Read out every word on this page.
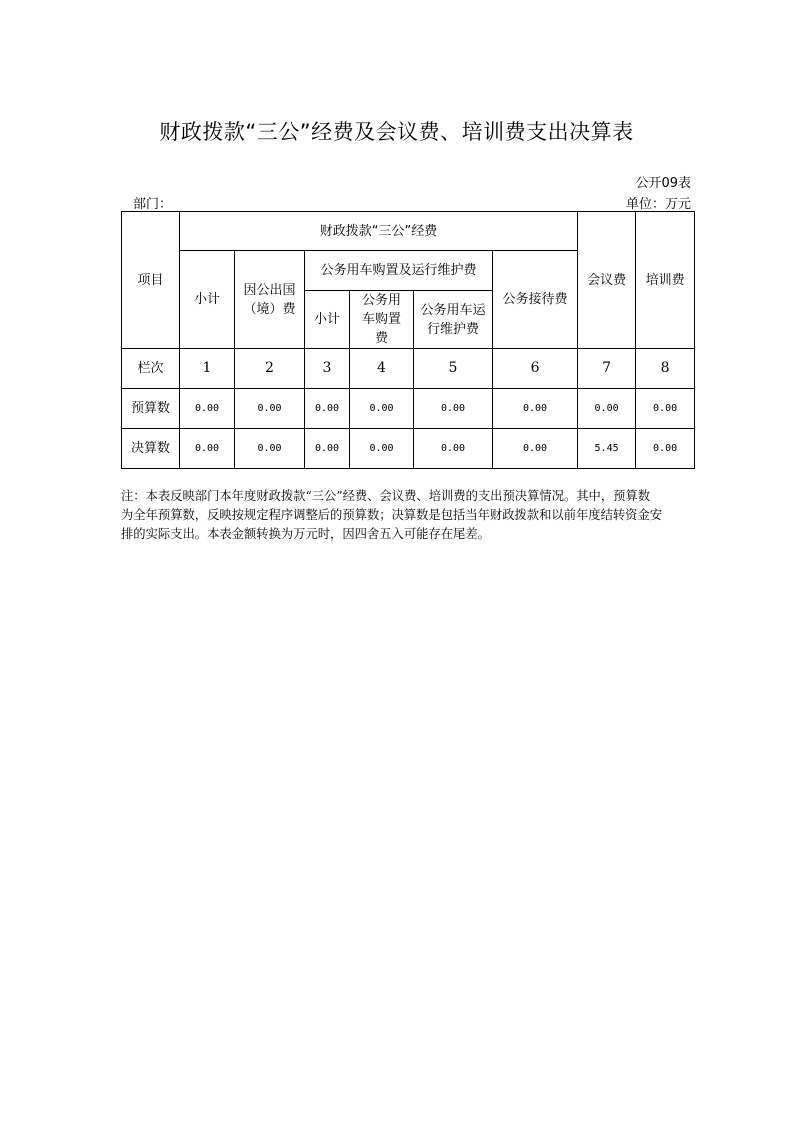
财政拨款“三公”经费及会议费、培训费支出决算表
公开09表
部门：	单位：万元
项目	财政拨款“三公”经费						会议费	培训费
	小计	因公出国（境）费	公务用车购置及运行维护费			公务接待费		
			小计	公务用车购置费	公务用车运行维护费			
栏次	1	2	3	4	5	6	7	8
预算数	0.00	0.00	0.00	0.00	0.00	0.00	0.00	0.00
决算数	0.00	0.00	0.00	0.00	0.00	0.00	5.45	0.00
注：本表反映部门本年度财政拨款“三公”经费、会议费、培训费的支出预决算情况。其中，预算数
为全年预算数，反映按规定程序调整后的预算数；决算数是包括当年财政拨款和以前年度结转资金安
排的实际支出。本表金额转换为万元时，因四舍五入可能存在尾差。
